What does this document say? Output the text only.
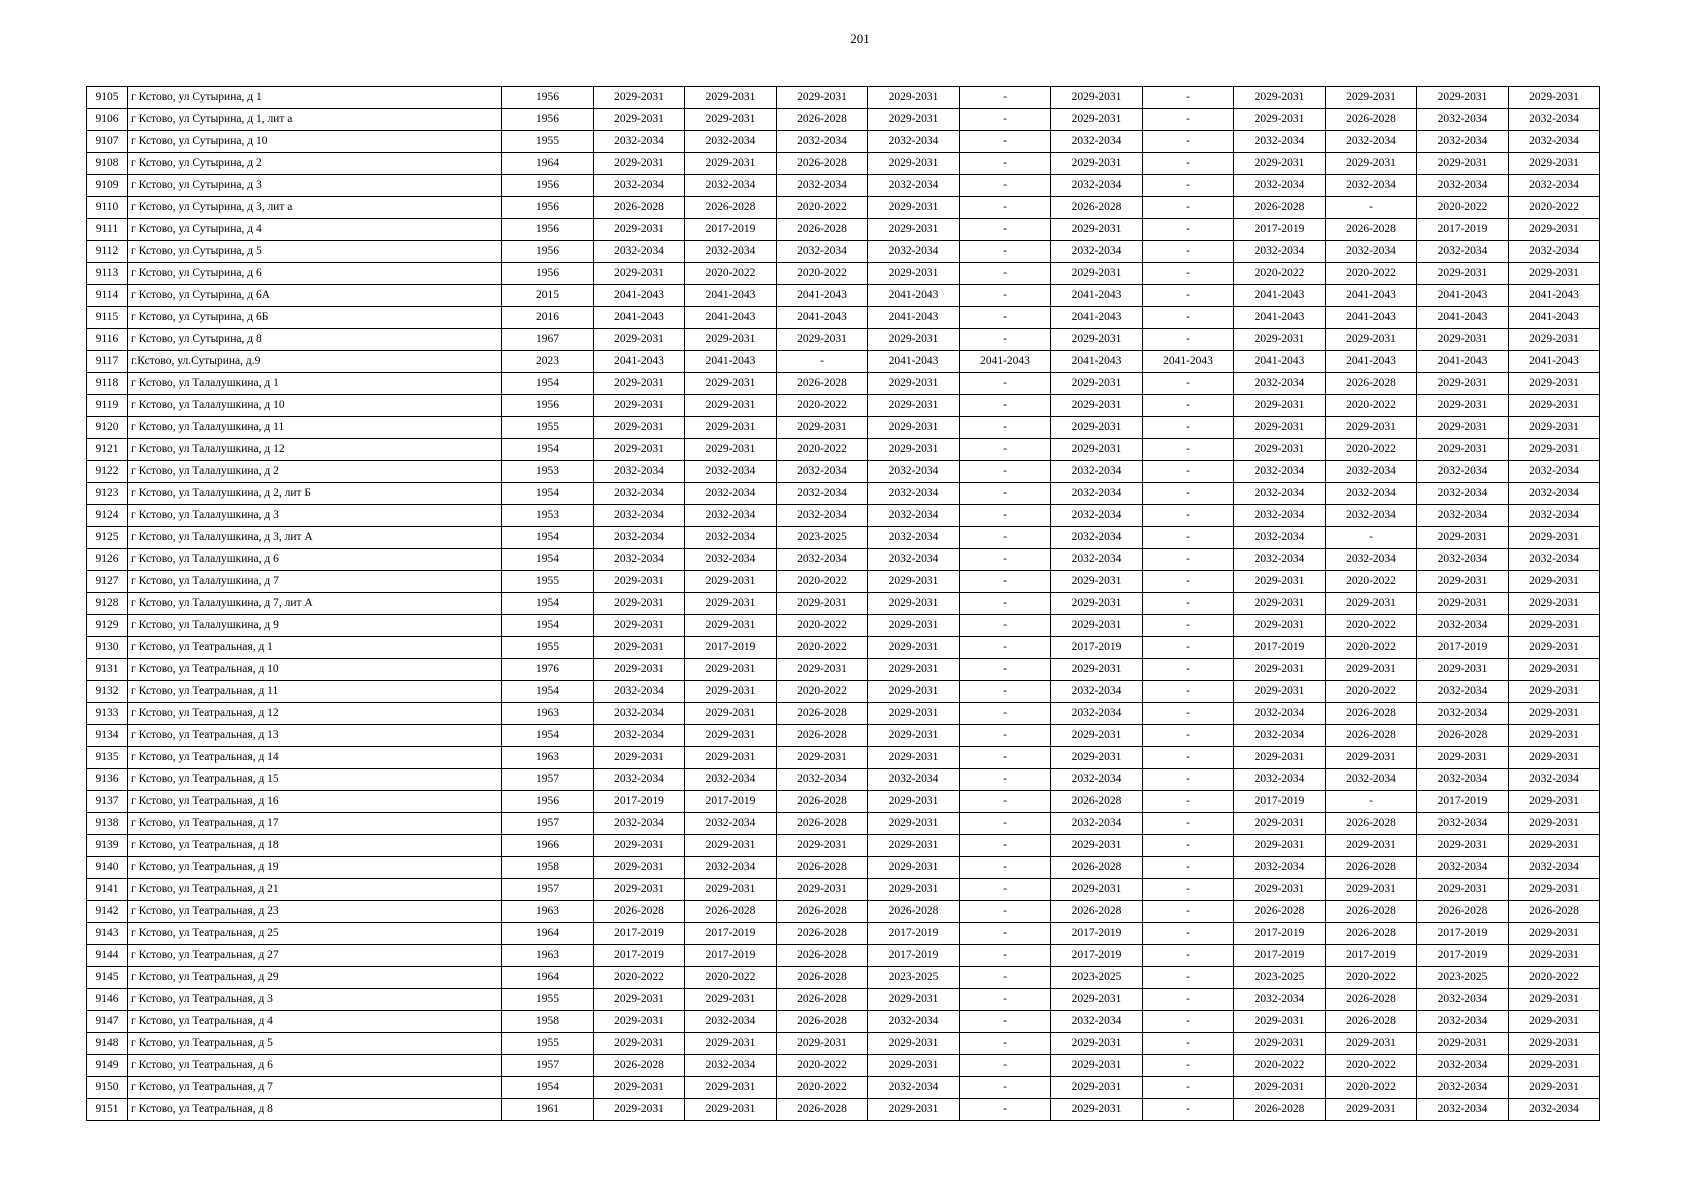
201
9105	г Кстово, ул Сутырина, д 1	1956	2029-2031	2029-2031	2029-2031	2029-2031	-	2029-2031	-	2029-2031	2029-2031	2029-2031	2029-2031
9106	г Кстово, ул Сутырина, д 1, лит а	1956	2029-2031	2029-2031	2026-2028	2029-2031	-	2029-2031	-	2029-2031	2026-2028	2032-2034	2032-2034
9107	г Кстово, ул Сутырина, д 10	1955	2032-2034	2032-2034	2032-2034	2032-2034	-	2032-2034	-	2032-2034	2032-2034	2032-2034	2032-2034
9108	г Кстово, ул Сутырина, д 2	1964	2029-2031	2029-2031	2026-2028	2029-2031	-	2029-2031	-	2029-2031	2029-2031	2029-2031	2029-2031
9109	г Кстово, ул Сутырина, д 3	1956	2032-2034	2032-2034	2032-2034	2032-2034	-	2032-2034	-	2032-2034	2032-2034	2032-2034	2032-2034
9110	г Кстово, ул Сутырина, д 3, лит а	1956	2026-2028	2026-2028	2020-2022	2029-2031	-	2026-2028	-	2026-2028	-	2020-2022	2020-2022
9111	г Кстово, ул Сутырина, д 4	1956	2029-2031	2017-2019	2026-2028	2029-2031	-	2029-2031	-	2017-2019	2026-2028	2017-2019	2029-2031
9112	г Кстово, ул Сутырина, д 5	1956	2032-2034	2032-2034	2032-2034	2032-2034	-	2032-2034	-	2032-2034	2032-2034	2032-2034	2032-2034
9113	г Кстово, ул Сутырина, д 6	1956	2029-2031	2020-2022	2020-2022	2029-2031	-	2029-2031	-	2020-2022	2020-2022	2029-2031	2029-2031
9114	г Кстово, ул Сутырина, д 6А	2015	2041-2043	2041-2043	2041-2043	2041-2043	-	2041-2043	-	2041-2043	2041-2043	2041-2043	2041-2043
9115	г Кстово, ул Сутырина, д 6Б	2016	2041-2043	2041-2043	2041-2043	2041-2043	-	2041-2043	-	2041-2043	2041-2043	2041-2043	2041-2043
9116	г Кстово, ул Сутырина, д 8	1967	2029-2031	2029-2031	2029-2031	2029-2031	-	2029-2031	-	2029-2031	2029-2031	2029-2031	2029-2031
9117	г.Кстово, ул.Сутырина, д.9	2023	2041-2043	2041-2043	-	2041-2043	2041-2043	2041-2043	2041-2043	2041-2043	2041-2043	2041-2043	2041-2043
9118	г Кстово, ул Талалушкина, д 1	1954	2029-2031	2029-2031	2026-2028	2029-2031	-	2029-2031	-	2032-2034	2026-2028	2029-2031	2029-2031
9119	г Кстово, ул Талалушкина, д 10	1956	2029-2031	2029-2031	2020-2022	2029-2031	-	2029-2031	-	2029-2031	2020-2022	2029-2031	2029-2031
9120	г Кстово, ул Талалушкина, д 11	1955	2029-2031	2029-2031	2029-2031	2029-2031	-	2029-2031	-	2029-2031	2029-2031	2029-2031	2029-2031
9121	г Кстово, ул Талалушкина, д 12	1954	2029-2031	2029-2031	2020-2022	2029-2031	-	2029-2031	-	2029-2031	2020-2022	2029-2031	2029-2031
9122	г Кстово, ул Талалушкина, д 2	1953	2032-2034	2032-2034	2032-2034	2032-2034	-	2032-2034	-	2032-2034	2032-2034	2032-2034	2032-2034
9123	г Кстово, ул Талалушкина, д 2, лит Б	1954	2032-2034	2032-2034	2032-2034	2032-2034	-	2032-2034	-	2032-2034	2032-2034	2032-2034	2032-2034
9124	г Кстово, ул Талалушкина, д 3	1953	2032-2034	2032-2034	2032-2034	2032-2034	-	2032-2034	-	2032-2034	2032-2034	2032-2034	2032-2034
9125	г Кстово, ул Талалушкина, д 3, лит А	1954	2032-2034	2032-2034	2023-2025	2032-2034	-	2032-2034	-	2032-2034	-	2029-2031	2029-2031
9126	г Кстово, ул Талалушкина, д 6	1954	2032-2034	2032-2034	2032-2034	2032-2034	-	2032-2034	-	2032-2034	2032-2034	2032-2034	2032-2034
9127	г Кстово, ул Талалушкина, д 7	1955	2029-2031	2029-2031	2020-2022	2029-2031	-	2029-2031	-	2029-2031	2020-2022	2029-2031	2029-2031
9128	г Кстово, ул Талалушкина, д 7, лит А	1954	2029-2031	2029-2031	2029-2031	2029-2031	-	2029-2031	-	2029-2031	2029-2031	2029-2031	2029-2031
9129	г Кстово, ул Талалушкина, д 9	1954	2029-2031	2029-2031	2020-2022	2029-2031	-	2029-2031	-	2029-2031	2020-2022	2032-2034	2029-2031
9130	г Кстово, ул Театральная, д 1	1955	2029-2031	2017-2019	2020-2022	2029-2031	-	2017-2019	-	2017-2019	2020-2022	2017-2019	2029-2031
9131	г Кстово, ул Театральная, д 10	1976	2029-2031	2029-2031	2029-2031	2029-2031	-	2029-2031	-	2029-2031	2029-2031	2029-2031	2029-2031
9132	г Кстово, ул Театральная, д 11	1954	2032-2034	2029-2031	2020-2022	2029-2031	-	2032-2034	-	2029-2031	2020-2022	2032-2034	2029-2031
9133	г Кстово, ул Театральная, д 12	1963	2032-2034	2029-2031	2026-2028	2029-2031	-	2032-2034	-	2032-2034	2026-2028	2032-2034	2029-2031
9134	г Кстово, ул Театральная, д 13	1954	2032-2034	2029-2031	2026-2028	2029-2031	-	2029-2031	-	2032-2034	2026-2028	2026-2028	2029-2031
9135	г Кстово, ул Театральная, д 14	1963	2029-2031	2029-2031	2029-2031	2029-2031	-	2029-2031	-	2029-2031	2029-2031	2029-2031	2029-2031
9136	г Кстово, ул Театральная, д 15	1957	2032-2034	2032-2034	2032-2034	2032-2034	-	2032-2034	-	2032-2034	2032-2034	2032-2034	2032-2034
9137	г Кстово, ул Театральная, д 16	1956	2017-2019	2017-2019	2026-2028	2029-2031	-	2026-2028	-	2017-2019	-	2017-2019	2029-2031
9138	г Кстово, ул Театральная, д 17	1957	2032-2034	2032-2034	2026-2028	2029-2031	-	2032-2034	-	2029-2031	2026-2028	2032-2034	2029-2031
9139	г Кстово, ул Театральная, д 18	1966	2029-2031	2029-2031	2029-2031	2029-2031	-	2029-2031	-	2029-2031	2029-2031	2029-2031	2029-2031
9140	г Кстово, ул Театральная, д 19	1958	2029-2031	2032-2034	2026-2028	2029-2031	-	2026-2028	-	2032-2034	2026-2028	2032-2034	2032-2034
9141	г Кстово, ул Театральная, д 21	1957	2029-2031	2029-2031	2029-2031	2029-2031	-	2029-2031	-	2029-2031	2029-2031	2029-2031	2029-2031
9142	г Кстово, ул Театральная, д 23	1963	2026-2028	2026-2028	2026-2028	2026-2028	-	2026-2028	-	2026-2028	2026-2028	2026-2028	2026-2028
9143	г Кстово, ул Театральная, д 25	1964	2017-2019	2017-2019	2026-2028	2017-2019	-	2017-2019	-	2017-2019	2026-2028	2017-2019	2029-2031
9144	г Кстово, ул Театральная, д 27	1963	2017-2019	2017-2019	2026-2028	2017-2019	-	2017-2019	-	2017-2019	2017-2019	2017-2019	2029-2031
9145	г Кстово, ул Театральная, д 29	1964	2020-2022	2020-2022	2026-2028	2023-2025	-	2023-2025	-	2023-2025	2020-2022	2023-2025	2020-2022
9146	г Кстово, ул Театральная, д 3	1955	2029-2031	2029-2031	2026-2028	2029-2031	-	2029-2031	-	2032-2034	2026-2028	2032-2034	2029-2031
9147	г Кстово, ул Театральная, д 4	1958	2029-2031	2032-2034	2026-2028	2032-2034	-	2032-2034	-	2029-2031	2026-2028	2032-2034	2029-2031
9148	г Кстово, ул Театральная, д 5	1955	2029-2031	2029-2031	2029-2031	2029-2031	-	2029-2031	-	2029-2031	2029-2031	2029-2031	2029-2031
9149	г Кстово, ул Театральная, д 6	1957	2026-2028	2032-2034	2020-2022	2029-2031	-	2029-2031	-	2020-2022	2020-2022	2032-2034	2029-2031
9150	г Кстово, ул Театральная, д 7	1954	2029-2031	2029-2031	2020-2022	2032-2034	-	2029-2031	-	2029-2031	2020-2022	2032-2034	2029-2031
9151	г Кстово, ул Театральная, д 8	1961	2029-2031	2029-2031	2026-2028	2029-2031	-	2029-2031	-	2026-2028	2029-2031	2032-2034	2032-2034
